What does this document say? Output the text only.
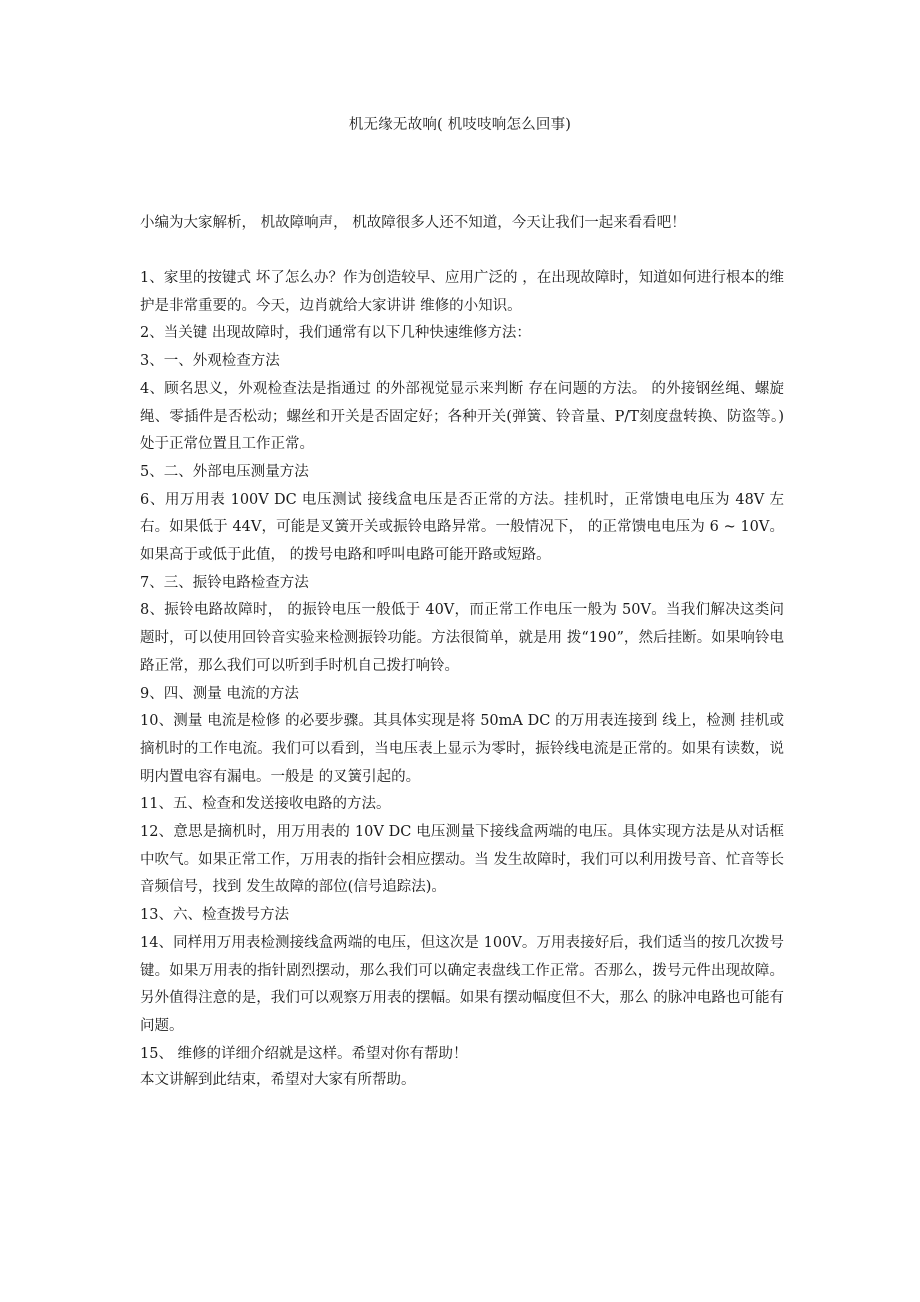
机无缘无故响( 机吱吱响怎么回事)
小编为大家解析， 机故障响声， 机故障很多人还不知道，今天让我们一起来看看吧！

1、家里的按键式 坏了怎么办？作为创造较早、应用广泛的 ，在出现故障时，知道如何进行根本的维护是非常重要的。今天，边肖就给大家讲讲 维修的小知识。

2、当关键 出现故障时，我们通常有以下几种快速维修方法：

3、一、外观检查方法

4、顾名思义，外观检查法是指通过 的外部视觉显示来判断 存在问题的方法。 的外接钢丝绳、螺旋绳、零插件是否松动；螺丝和开关是否固定好；各种开关(弹簧、铃音量、P/T刻度盘转换、防盗等。)处于正常位置且工作正常。

5、二、外部电压测量方法

6、用万用表 100V DC 电压测试 接线盒电压是否正常的方法。挂机时，正常馈电电压为 48V 左右。如果低于 44V，可能是叉簧开关或振铃电路异常。一般情况下， 的正常馈电电压为 6 ~ 10V。如果高于或低于此值， 的拨号电路和呼叫电路可能开路或短路。

7、三、振铃电路检查方法

8、振铃电路故障时， 的振铃电压一般低于 40V，而正常工作电压一般为 50V。当我们解决这类问题时，可以使用回铃音实验来检测振铃功能。方法很简单，就是用 拨“190”，然后挂断。如果响铃电路正常，那么我们可以听到手时机自己拨打响铃。

9、四、测量 电流的方法

10、测量 电流是检修 的必要步骤。其具体实现是将 50mA DC 的万用表连接到 线上，检测 挂机或摘机时的工作电流。我们可以看到，当电压表上显示为零时，振铃线电流是正常的。如果有读数，说明内置电容有漏电。一般是 的叉簧引起的。

11、五、检查和发送接收电路的方法。

12、意思是摘机时，用万用表的 10V DC 电压测量下接线盒两端的电压。具体实现方法是从对话框中吹气。如果正常工作，万用表的指针会相应摆动。当 发生故障时，我们可以利用拨号音、忙音等长音频信号，找到 发生故障的部位(信号追踪法)。

13、六、检查拨号方法

14、同样用万用表检测接线盒两端的电压，但这次是 100V。万用表接好后，我们适当的按几次拨号键。如果万用表的指针剧烈摆动，那么我们可以确定表盘线工作正常。否那么，拨号元件出现故障。另外值得注意的是，我们可以观察万用表的摆幅。如果有摆动幅度但不大，那么 的脉冲电路也可能有问题。

15、 维修的详细介绍就是这样。希望对你有帮助！

本文讲解到此结束，希望对大家有所帮助。
